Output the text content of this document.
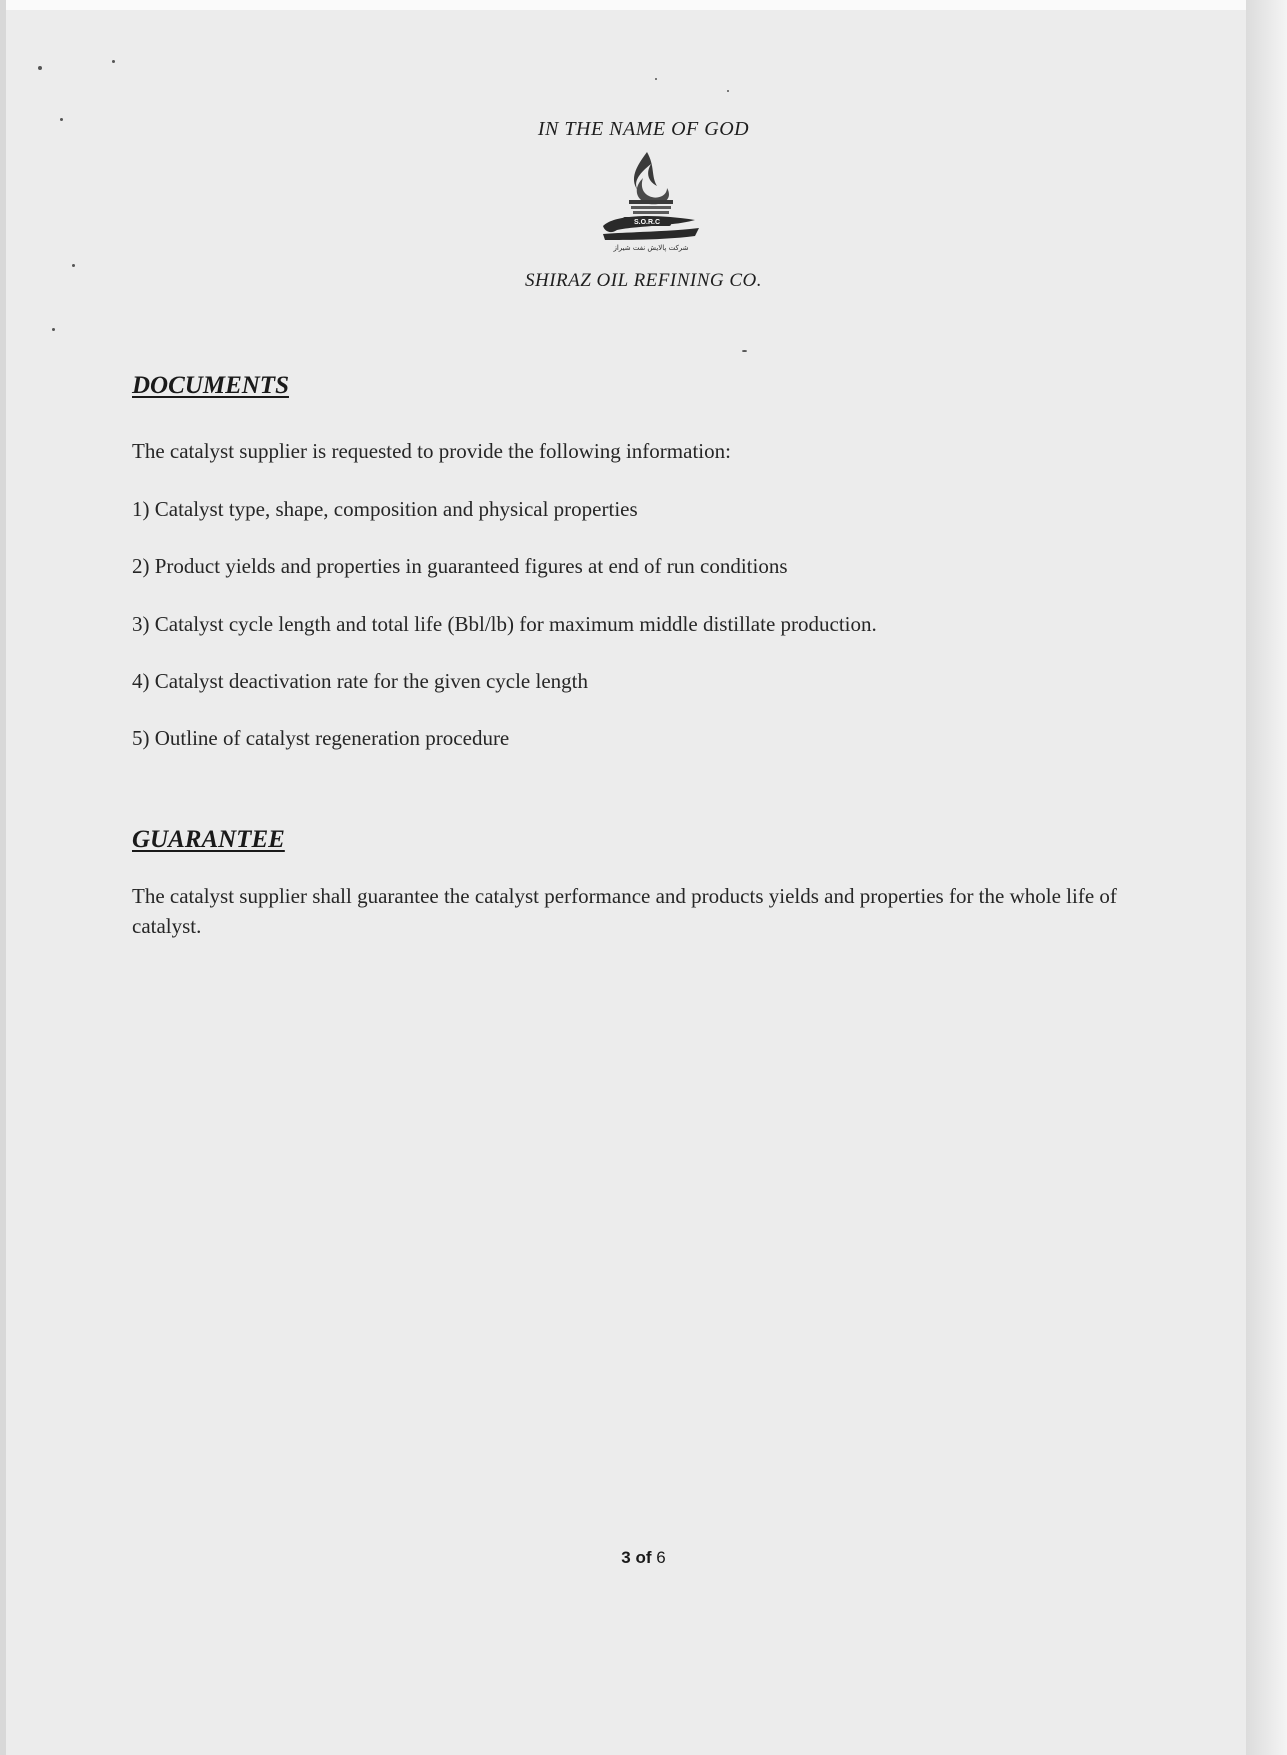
IN THE NAME OF GOD
S.O.R.C
شرکت پالایش نفت شیراز
SHIRAZ OIL REFINING CO.
DOCUMENTS
The catalyst supplier is requested to provide the following information:
1) Catalyst type, shape, composition and physical properties
2) Product yields and properties in guaranteed figures at end of run conditions
3) Catalyst cycle length and total life (Bbl/lb) for maximum middle distillate production.
4) Catalyst deactivation rate for the given cycle length
5) Outline of catalyst regeneration procedure
GUARANTEE
The catalyst supplier shall guarantee the catalyst performance and products yields and properties for the whole life of catalyst.
3 of 6
